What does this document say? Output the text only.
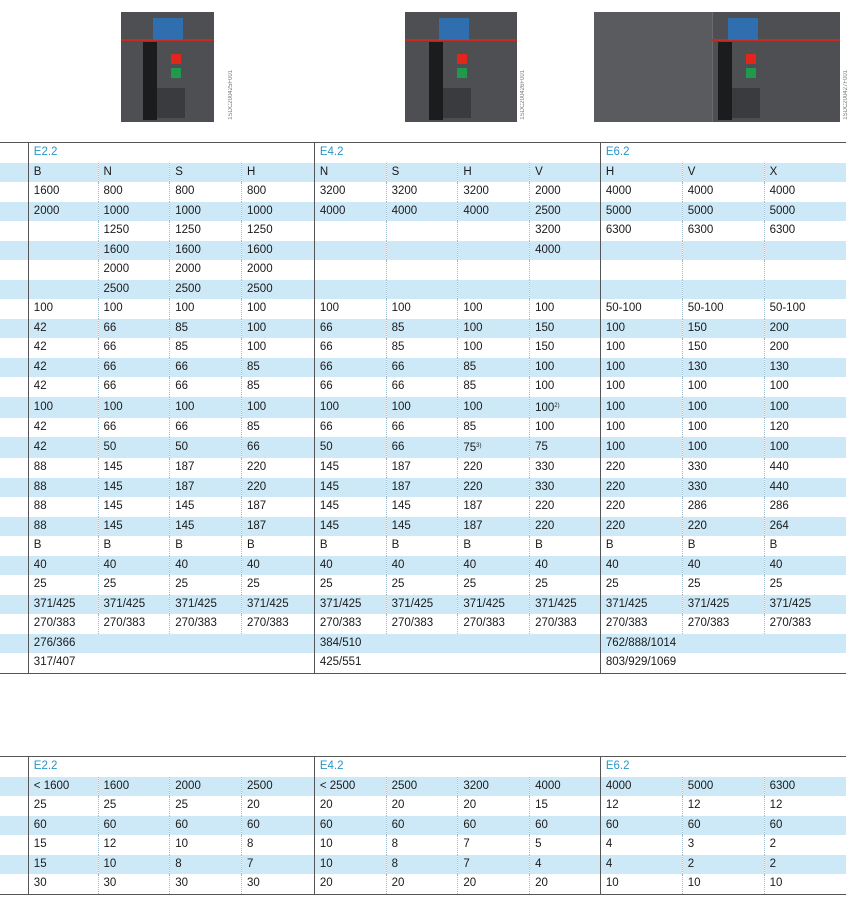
1SDC200425F001	1SDC200426F001	1SDC200427F001
	E2.2				E4.2				E6.2		
	B	N	S	H	N	S	H	V	H	V	X
	1600	800	800	800	3200	3200	3200	2000	4000	4000	4000
	2000	1000	1000	1000	4000	4000	4000	2500	5000	5000	5000
		1250	1250	1250				3200	6300	6300	6300
		1600	1600	1600				4000			
		2000	2000	2000							
		2500	2500	2500							
	100	100	100	100	100	100	100	100	50-100	50-100	50-100
	42	66	85	100	66	85	100	150	100	150	200
	42	66	85	100	66	85	100	150	100	150	200
	42	66	66	85	66	66	85	100	100	130	130
	42	66	66	85	66	66	85	100	100	100	100
	100	100	100	100	100	100	100	100$^{2)}$	100	100	100
	42	66	66	85	66	66	85	100	100	100	120
	42	50	50	66	50	66	75$^{3)}$	75	100	100	100
	88	145	187	220	145	187	220	330	220	330	440
	88	145	187	220	145	187	220	330	220	330	440
	88	145	145	187	145	145	187	220	220	286	286
	88	145	145	187	145	145	187	220	220	220	264
	B	B	B	B	B	B	B	B	B	B	B
	40	40	40	40	40	40	40	40	40	40	40
	25	25	25	25	25	25	25	25	25	25	25
	371/425	371/425	371/425	371/425	371/425	371/425	371/425	371/425	371/425	371/425	371/425
	270/383	270/383	270/383	270/383	270/383	270/383	270/383	270/383	270/383	270/383	270/383
	276/366				384/510				762/888/1014		
	317/407				425/551				803/929/1069		
	E2.2				E4.2				E6.2		
	< 1600	1600	2000	2500	< 2500	2500	3200	4000	4000	5000	6300
	25	25	25	20	20	20	20	15	12	12	12
	60	60	60	60	60	60	60	60	60	60	60
	15	12	10	8	10	8	7	5	4	3	2
	15	10	8	7	10	8	7	4	4	2	2
	30	30	30	30	20	20	20	20	10	10	10
